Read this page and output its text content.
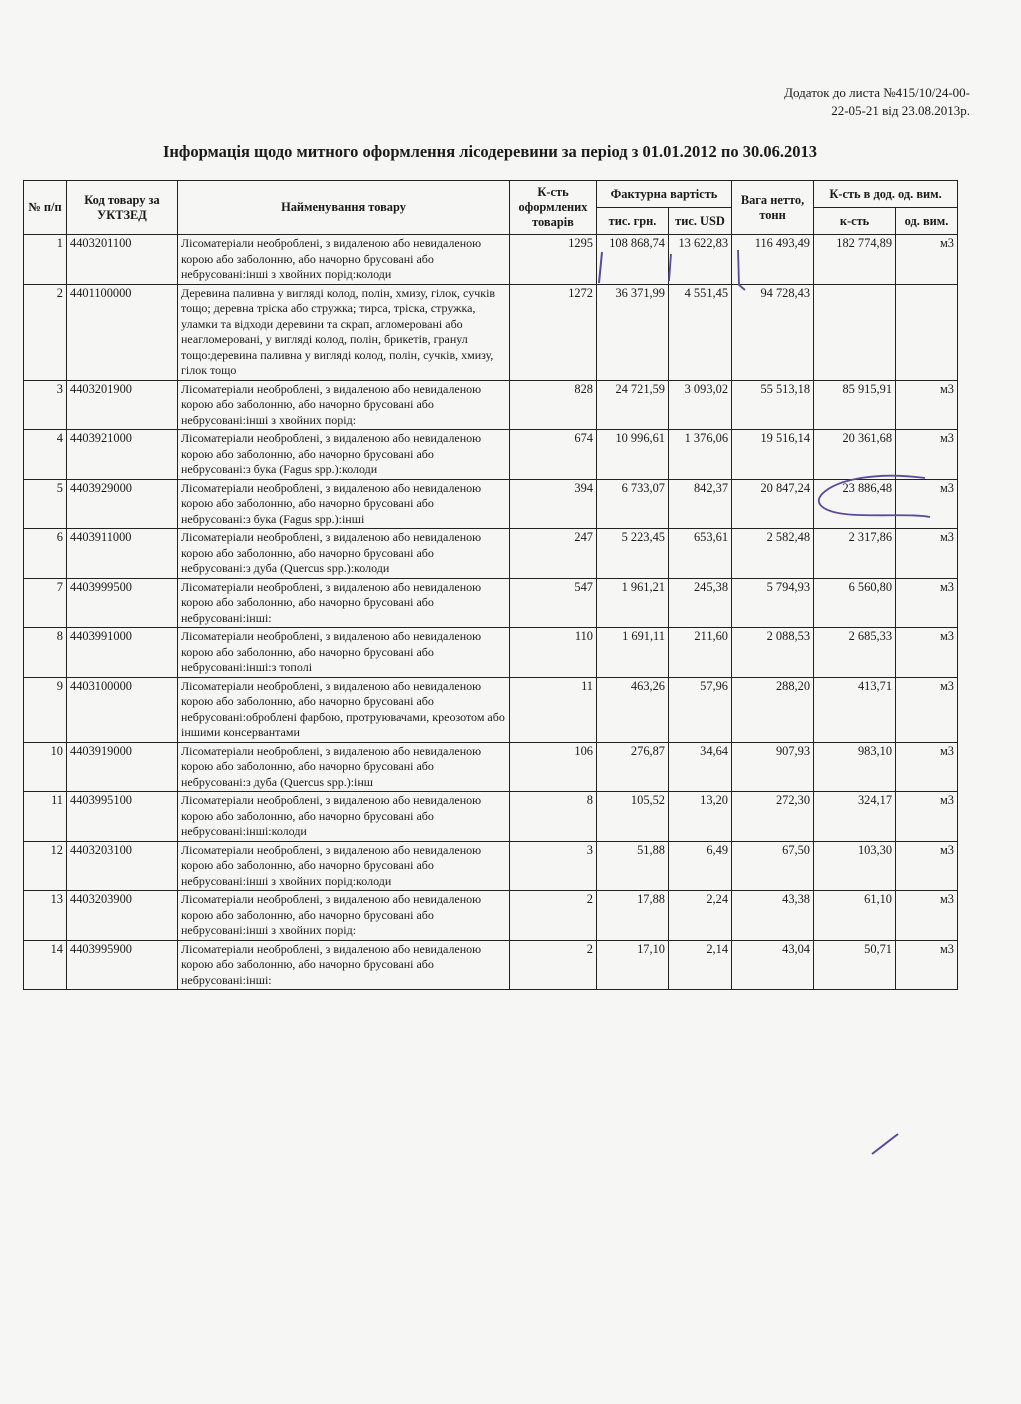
Додаток до листа №415/10/24-00-
22-05-21 від 23.08.2013р.
Інформація щодо митного оформлення лісодеревини за період з 01.01.2012 по 30.06.2013
№ п/п	Код товару за УКТЗЕД	Найменування товару	К-сть оформлених товарів	Фактурна вартість		Вага нетто, тонн	К-сть в дод. од. вим.	
				тис. грн.	тис. USD		к-сть	од. вим.
1	4403201100	Лісоматеріали необроблені, з видаленою або невидаленою корою або заболонню, або начорно брусовані або небрусовані:інші з хвойних порід:колоди	1295	108 868,74	13 622,83	116 493,49	182 774,89	м3
2	4401100000	Деревина паливна у вигляді колод, полін, хмизу, гілок, сучків тощо; деревна тріска або стружка; тирса, тріска, стружка, уламки та відходи деревини та скрап, агломеровані або неагломеровані, у вигляді колод, полін, брикетів, гранул тощо:деревина паливна у вигляді колод, полін, сучків, хмизу, гілок тощо	1272	36 371,99	4 551,45	94 728,43		
3	4403201900	Лісоматеріали необроблені, з видаленою або невидаленою корою або заболонню, або начорно брусовані або небрусовані:інші з хвойних порід:	828	24 721,59	3 093,02	55 513,18	85 915,91	м3
4	4403921000	Лісоматеріали необроблені, з видаленою або невидаленою корою або заболонню, або начорно брусовані або небрусовані:з бука (Fagus spp.):колоди	674	10 996,61	1 376,06	19 516,14	20 361,68	м3
5	4403929000	Лісоматеріали необроблені, з видаленою або невидаленою корою або заболонню, або начорно брусовані або небрусовані:з бука (Fagus spp.):інші	394	6 733,07	842,37	20 847,24	23 886,48	м3
6	4403911000	Лісоматеріали необроблені, з видаленою або невидаленою корою або заболонню, або начорно брусовані або небрусовані:з дуба (Quercus spp.):колоди	247	5 223,45	653,61	2 582,48	2 317,86	м3
7	4403999500	Лісоматеріали необроблені, з видаленою або невидаленою корою або заболонню, або начорно брусовані або небрусовані:інші:	547	1 961,21	245,38	5 794,93	6 560,80	м3
8	4403991000	Лісоматеріали необроблені, з видаленою або невидаленою корою або заболонню, або начорно брусовані або небрусовані:інші:з тополі	110	1 691,11	211,60	2 088,53	2 685,33	м3
9	4403100000	Лісоматеріали необроблені, з видаленою або невидаленою корою або заболонню, або начорно брусовані або небрусовані:оброблені фарбою, протруювачами, креозотом або іншими консервантами	11	463,26	57,96	288,20	413,71	м3
10	4403919000	Лісоматеріали необроблені, з видаленою або невидаленою корою або заболонню, або начорно брусовані або небрусовані:з дуба (Quercus spp.):інш	106	276,87	34,64	907,93	983,10	м3
11	4403995100	Лісоматеріали необроблені, з видаленою або невидаленою корою або заболонню, або начорно брусовані або небрусовані:інші:колоди	8	105,52	13,20	272,30	324,17	м3
12	4403203100	Лісоматеріали необроблені, з видаленою або невидаленою корою або заболонню, або начорно брусовані або небрусовані:інші з хвойних порід:колоди	3	51,88	6,49	67,50	103,30	м3
13	4403203900	Лісоматеріали необроблені, з видаленою або невидаленою корою або заболонню, або начорно брусовані або небрусовані:інші з хвойних порід:	2	17,88	2,24	43,38	61,10	м3
14	4403995900	Лісоматеріали необроблені, з видаленою або невидаленою корою або заболонню, або начорно брусовані або небрусовані:інші:	2	17,10	2,14	43,04	50,71	м3
